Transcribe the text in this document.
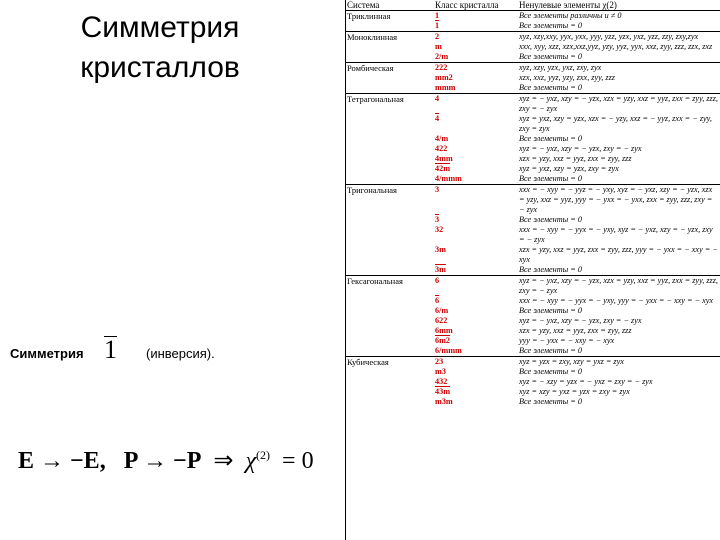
Симметрия
кристаллов
Симметрия 1 (инверсия).
E → −E, P → −P ⇒ $\chi^{(2)} = 0$
Система	Класс кристалла	Ненулевые элементы χ(2)
Триклинная	1	Все элементы различны и ≠ 0
	1	Все элементы = 0
Моноклинная	2	xyz, xzy,xxy, yyx, yxx, yyy, yzz, yzx, yxz, yzz, zzy, zxy,zyx
	m	xxx, xyy, xzz, xzx,xxz,yyz, yzy, yyz, yyx, xxz, zyy, zzz, zzx, zxz
	2/m	Все элементы = 0
Ромбическая	222	xyz, xzy, yzx, yxz, zxy, zyx
	mm2	xzx, xxz, yyz, yzy, zxx, zyy, zzz
	mmm	Все элементы = 0
Тетрагональная	4	xyz = − yxz, xzy = − yzx, xzx = yzy, xxz = yyz, zxx = zyy, zzz, zxy = − zyx
	4	xyz = yxz, xzy = yzx, xzx = − yzy, xxz = − yyz, zxx = − zyy, zxy = zyx
	4/m	Все элементы = 0
	422	xyz = − yxz, xzy = − yzx, zxy = − zyx
	4mm	xzx = yzy, xxz = yyz, zxx = zyy, zzz
	42m	xyz = yxz, xzy = yzx, zxy = zyx
	4/mmm	Все элементы = 0
Тригональная	3	xxx = − xyy = − yyz = − yxy, xyz = − yxz, xzy = − yzx, xzx = yzy, xxz = yyz, yyy = − yxx = − yxx, zxx = zyy, zzz, zxy = − zyx
	3	Все элементы = 0
	32	xxx = − xyy = − yyx = − yxy, xyz = − yxz, xzy = − yzx, zxy = − zyx
	3m	xzx = yzy, xxz = yyz, zxx = zyy, zzz, yyy = − yxx = − xxy = − xyx
	3m	Все элементы = 0
Гексагональная	6	xyz = − yxz, xzy = − yzx, xzx = yzy, xxz = yyz, zxx = zyy, zzz, zxy = − zyx
	6	xxx = − xyy = − yyx = − yxy, yyy = − yxx = − xxy = − xyx
	6/m	Все элементы = 0
	622	xyz = − yxz, xzy = − yzx, zxy = − zyx
	6mm	xzx = yzy, xxz = yyz, zxx = zyy, zzz
	6m2	yyy = − yxx = − xxy = − xyx
	6/mmm	Все элементы = 0
Кубическая	23	xyz = yzx = zxy, xzy = yxz = zyx
	m3	Все элементы = 0
	432	xyz = − xzy = yzx = − yxz = zxy = − zyx
	43m	xyz = xzy = yxz = yzx = zxy = zyx
	m3m	Все элементы = 0
